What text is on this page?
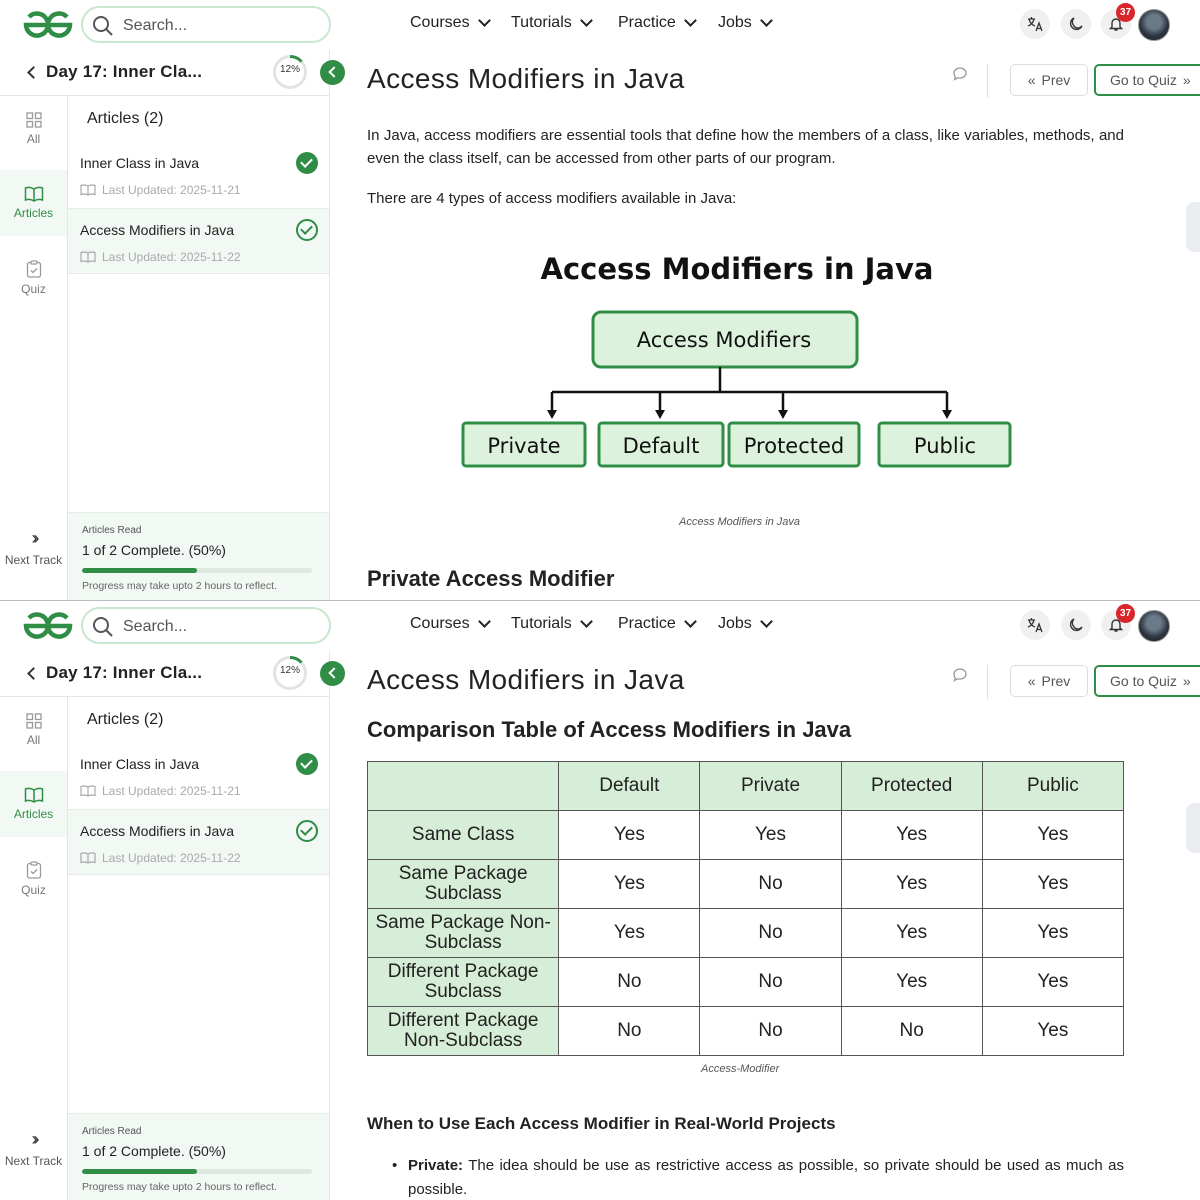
Search...	Courses	Tutorials	Practice	Jobs
37
Day 17: Inner Cla...	12%
All
Articles
Quiz
››
Next Track
Articles (2)
Inner Class in Java
Last Updated: 2025-11-21
Access Modifiers in Java
Last Updated: 2025-11-22
Articles Read
1 of 2 Complete. (50%)
Progress may take upto 2 hours to reflect.
Access Modifiers in Java	« Prev	Go to Quiz »
In Java, access modifiers are essential tools that define how the members of a class, like variables, methods, and even the class itself, can be accessed from other parts of our program.
There are 4 types of access modifiers available in Java:
Access Modifiers in Java
Access Modifiers
Private	Default Protected	Public
Access Modifiers in Java
Private Access Modifier
Search...	Courses	Tutorials	Practice	Jobs
37
Day 17: Inner Cla...	12%
All
Articles
Quiz
››
Next Track
Articles (2)
Inner Class in Java
Last Updated: 2025-11-21
Access Modifiers in Java
Last Updated: 2025-11-22
Articles Read
1 of 2 Complete. (50%)
Progress may take upto 2 hours to reflect.
Access Modifiers in Java	« Prev	Go to Quiz »
Comparison Table of Access Modifiers in Java
	Default	Private	Protected	Public
Same Class	Yes	Yes	Yes	Yes
Same Package Subclass	Yes	No	Yes	Yes
Same Package Non-Subclass	Yes	No	Yes	Yes
Different Package Subclass	No	No	Yes	Yes
Different Package Non-Subclass	No	No	No	Yes
Access-Modifier
When to Use Each Access Modifier in Real-World Projects
• Private: The idea should be use as restrictive access as possible, so private should be used as much as possible.
